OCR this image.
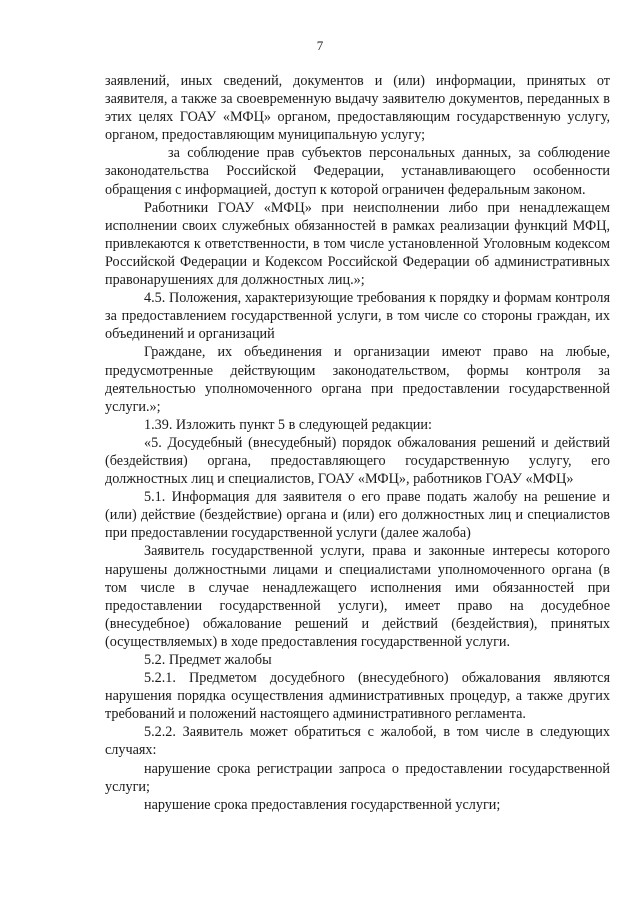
7

заявлений, иных сведений, документов и (или) информации, принятых от заявителя, а также за своевременную выдачу заявителю документов, переданных в этих целях ГОАУ «МФЦ» органом, предоставляющим государственную услугу, органом, предоставляющим муниципальную услугу;

за соблюдение прав субъектов персональных данных, за соблюдение законодательства Российской Федерации, устанавливающего особенности обращения с информацией, доступ к которой ограничен федеральным законом.

Работники ГОАУ «МФЦ» при неисполнении либо при ненадлежащем исполнении своих служебных обязанностей в рамках реализации функций МФЦ, привлекаются к ответственности, в том числе установленной Уголовным кодексом Российской Федерации и Кодексом Российской Федерации об административных правонарушениях для должностных лиц.»;

4.5. Положения, характеризующие требования к порядку и формам контроля за предоставлением государственной услуги, в том числе со стороны граждан, их объединений и организаций

Граждане, их объединения и организации имеют право на любые, предусмотренные действующим законодательством, формы контроля за деятельностью уполномоченного органа при предоставлении государственной услуги.»;

1.39. Изложить пункт 5 в следующей редакции:

«5. Досудебный (внесудебный) порядок обжалования решений и действий (бездействия) органа, предоставляющего государственную услугу, его должностных лиц и специалистов, ГОАУ «МФЦ», работников ГОАУ «МФЦ»

5.1. Информация для заявителя о его праве подать жалобу на решение и (или) действие (бездействие) органа и (или) его должностных лиц и специалистов при предоставлении государственной услуги (далее жалоба)

Заявитель государственной услуги, права и законные интересы которого нарушены должностными лицами и специалистами уполномоченного органа (в том числе в случае ненадлежащего исполнения ими обязанностей при предоставлении государственной услуги), имеет право на досудебное (внесудебное) обжалование решений и действий (бездействия), принятых (осуществляемых) в ходе предоставления государственной услуги.

5.2. Предмет жалобы

5.2.1. Предметом досудебного (внесудебного) обжалования являются нарушения порядка осуществления административных процедур, а также других требований и положений настоящего административного регламента.

5.2.2. Заявитель может обратиться с жалобой, в том числе в следующих случаях:

нарушение срока регистрации запроса о предоставлении государственной услуги;

нарушение срока предоставления государственной услуги;
